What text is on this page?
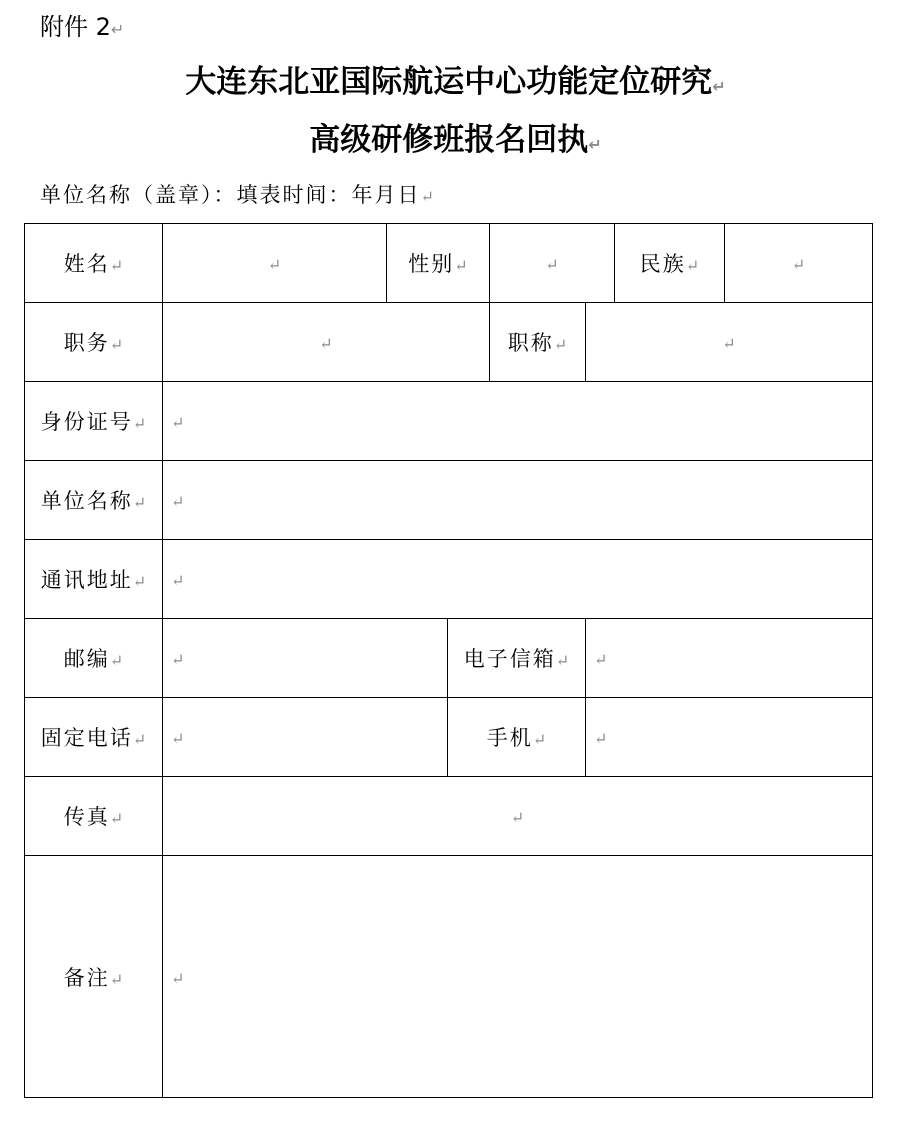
附件 2↵
大连东北亚国际航运中心功能定位研究↵
高级研修班报名回执↵
单位名称（盖章）：填表时间：年月日↵
姓名↵	↵	性别↵		↵		民族↵	↵
职务↵	↵			职称↵	↵		
身份证号↵	↵						
单位名称↵	↵						
通讯地址↵	↵						
邮编↵	↵		电子信箱↵		↵		
固定电话↵	↵		手机↵		↵		
传真↵	↵						
备注↵	↵						
